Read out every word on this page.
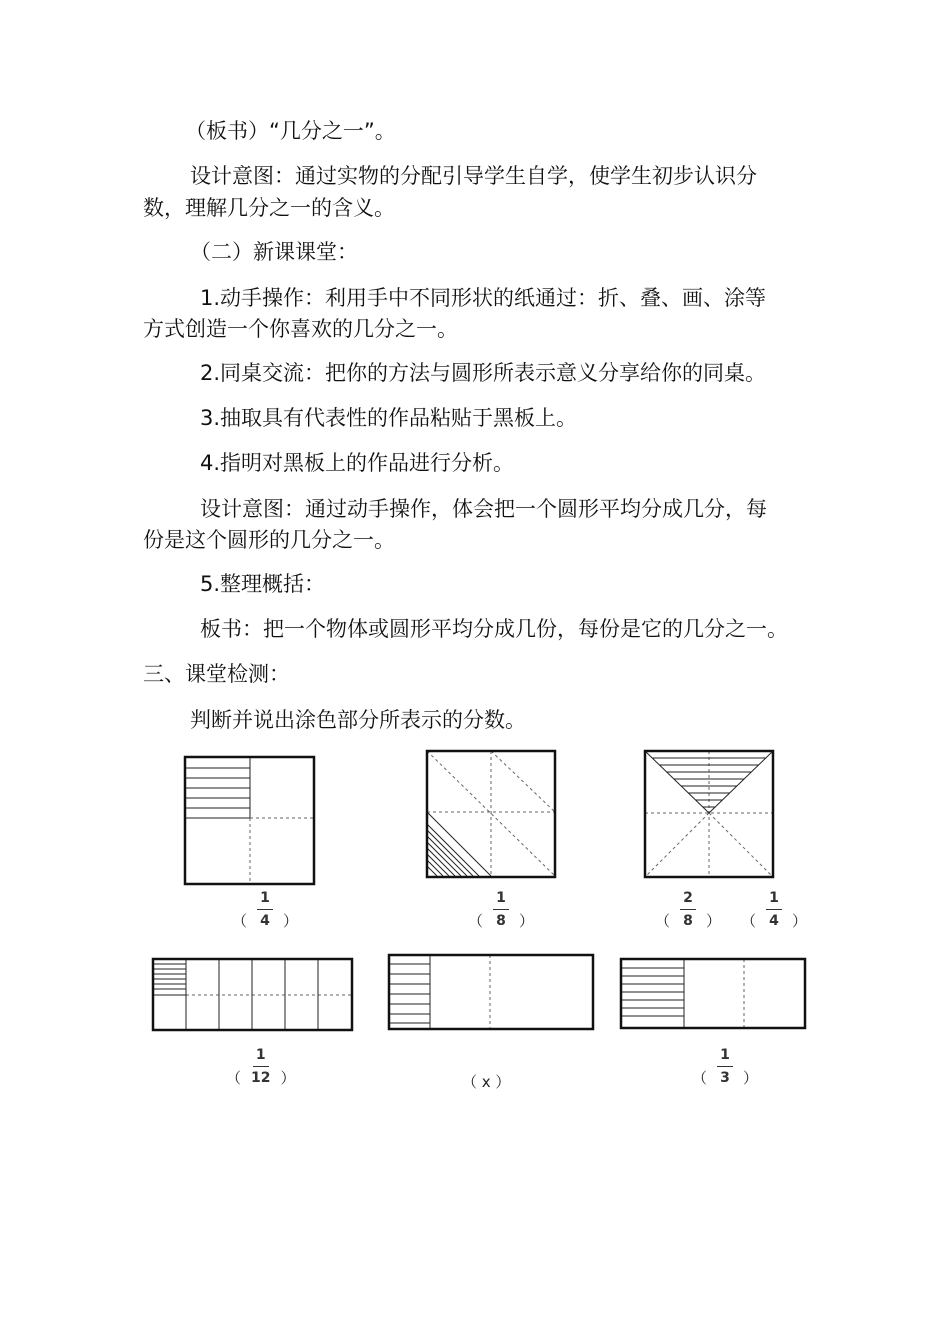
（板书）“几分之一”。
设计意图：通过实物的分配引导学生自学，使学生初步认识分
数，理解几分之一的含义。
（二）新课课堂：
1.动手操作：利用手中不同形状的纸通过：折、叠、画、涂等
方式创造一个你喜欢的几分之一。
2.同桌交流：把你的方法与圆形所表示意义分享给你的同桌。
3.抽取具有代表性的作品粘贴于黑板上。
4.指明对黑板上的作品进行分析。
设计意图：通过动手操作，体会把一个圆形平均分成几分，每
份是这个圆形的几分之一。
5.整理概括：
板书：把一个物体或圆形平均分成几份，每份是它的几分之一。
三、课堂检测：
判断并说出涂色部分所表示的分数。
（ $\frac{1}{4}$ ）	（ $\frac{1}{8}$ ）	（ $\frac{2}{8}$ ）	（ $\frac{1}{4}$ ）
（ $\frac{1}{12}$ ）	（ x ）	（ $\frac{1}{3}$ ）
